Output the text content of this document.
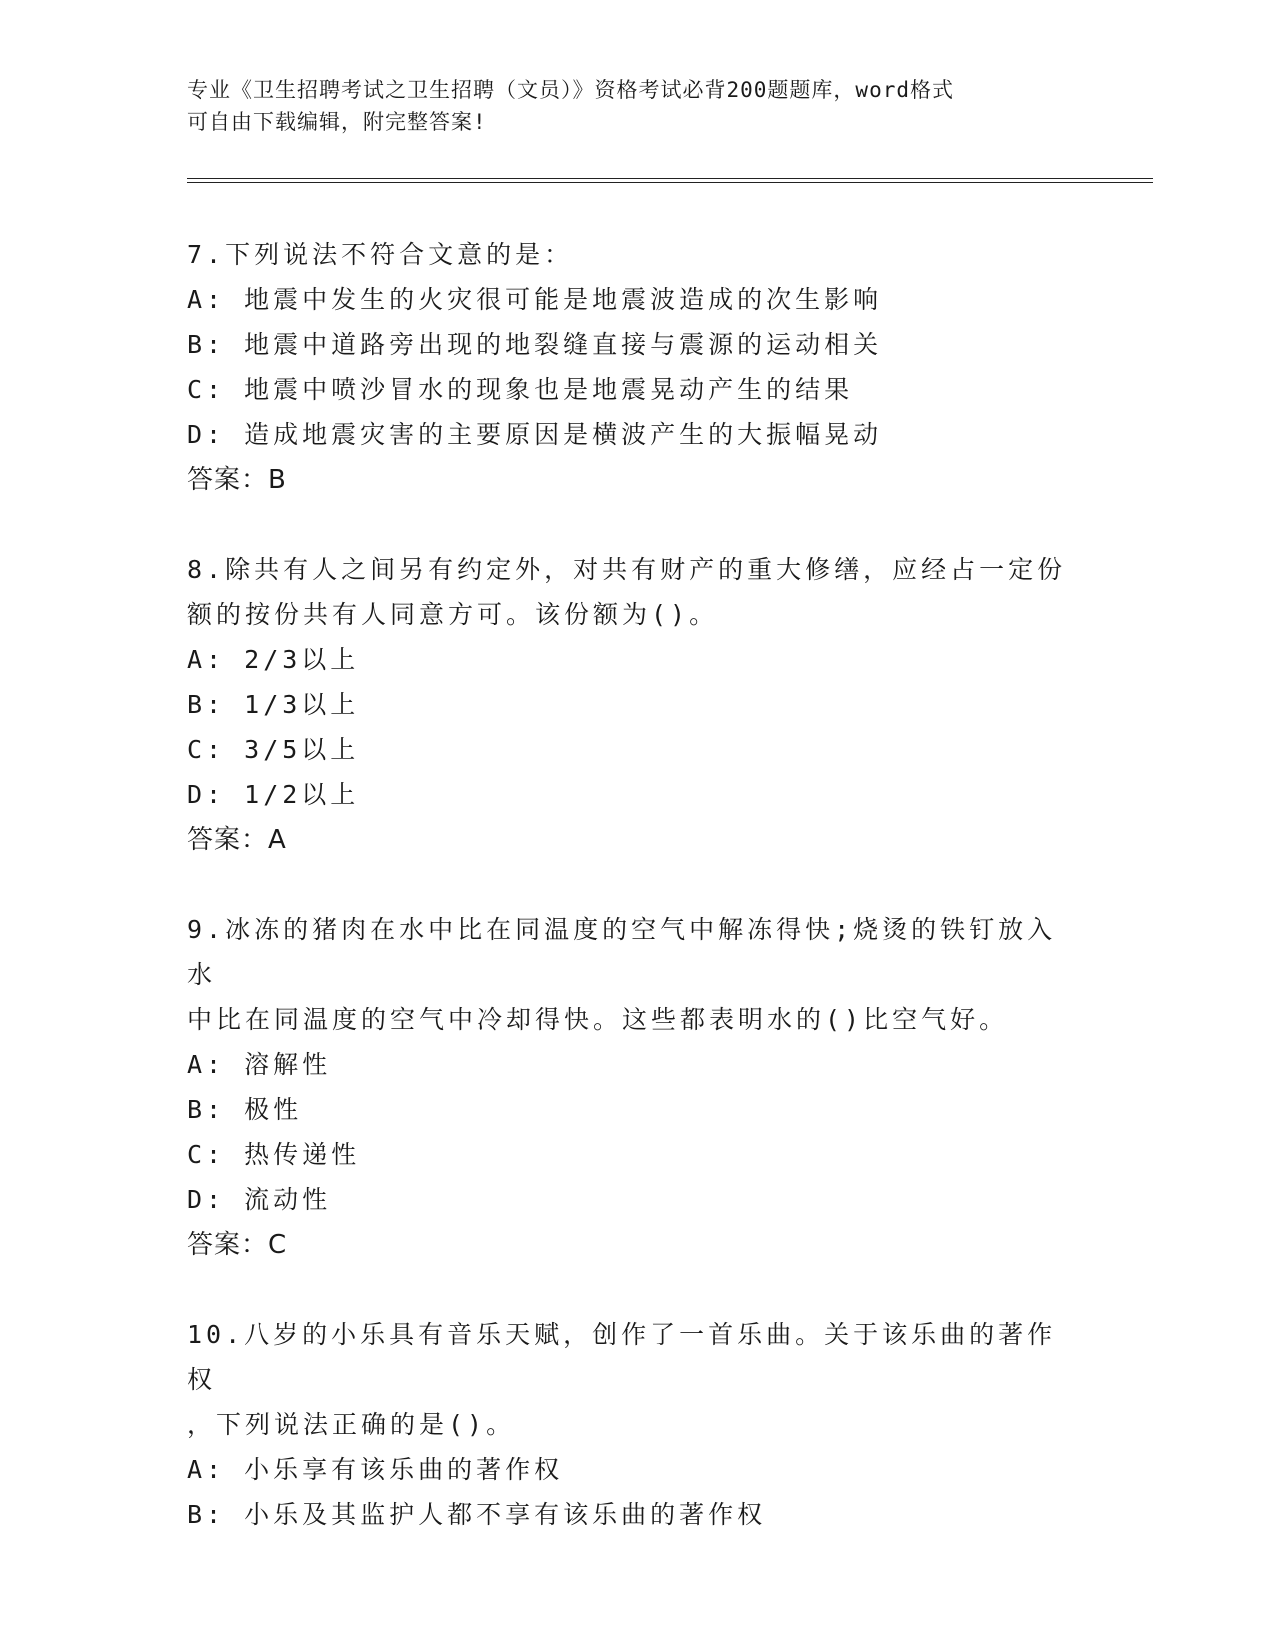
专业《卫生招聘考试之卫生招聘（文员）》资格考试必背200题题库，word格式
可自由下载编辑，附完整答案!
7.下列说法不符合文意的是：
A: 地震中发生的火灾很可能是地震波造成的次生影响
B: 地震中道路旁出现的地裂缝直接与震源的运动相关
C: 地震中喷沙冒水的现象也是地震晃动产生的结果
D: 造成地震灾害的主要原因是横波产生的大振幅晃动
答案：B
8.除共有人之间另有约定外，对共有财产的重大修缮，应经占一定份
额的按份共有人同意方可。该份额为()。
A: 2/3以上
B: 1/3以上
C: 3/5以上
D: 1/2以上
答案：A
9.冰冻的猪肉在水中比在同温度的空气中解冻得快;烧烫的铁钉放入水
中比在同温度的空气中冷却得快。这些都表明水的()比空气好。
A: 溶解性
B: 极性
C: 热传递性
D: 流动性
答案：C
10.八岁的小乐具有音乐天赋，创作了一首乐曲。关于该乐曲的著作权
，下列说法正确的是()。
A: 小乐享有该乐曲的著作权
B: 小乐及其监护人都不享有该乐曲的著作权
